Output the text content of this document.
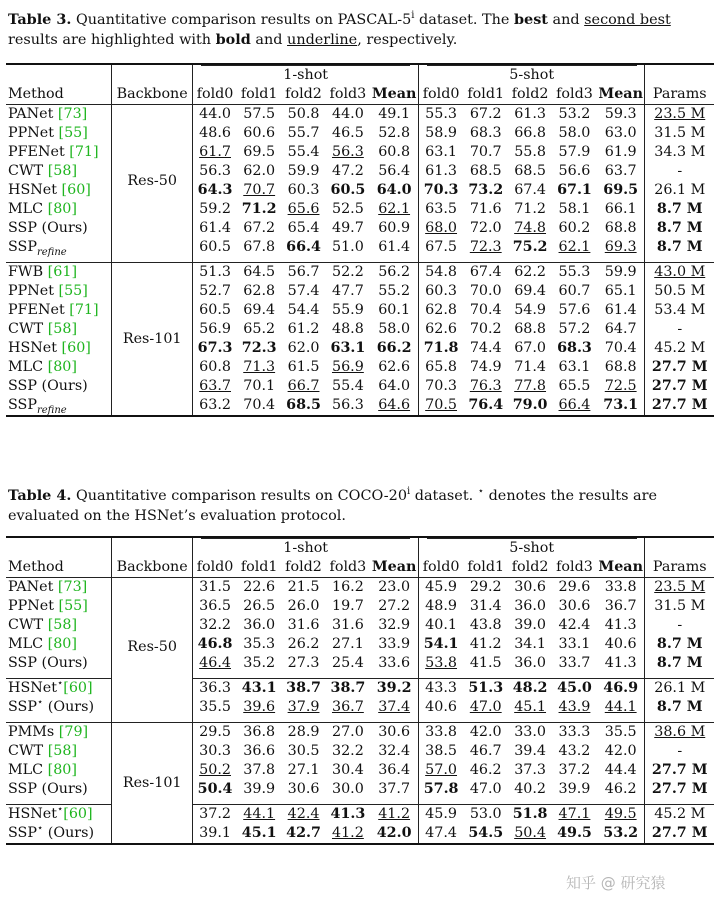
Table 3. Quantitative comparison results on PASCAL-5$^i$ dataset. The best and second best results are highlighted with bold and underline, respectively.
		1-shot					5-shot					
Method	Backbone	fold0	fold1	fold2	fold3	Mean	fold0	fold1	fold2	fold3	Mean	Params
PANet [73]	Res-50	44.0	57.5	50.8	44.0	49.1	55.3	67.2	61.3	53.2	59.3	23.5 M
PPNet [55]		48.6	60.6	55.7	46.5	52.8	58.9	68.3	66.8	58.0	63.0	31.5 M
PFENet [71]		61.7	69.5	55.4	56.3	60.8	63.1	70.7	55.8	57.9	61.9	34.3 M
CWT [58]		56.3	62.0	59.9	47.2	56.4	61.3	68.5	68.5	56.6	63.7	-
HSNet [60]		64.3	70.7	60.3	60.5	64.0	70.3	73.2	67.4	67.1	69.5	26.1 M
MLC [80]		59.2	71.2	65.6	52.5	62.1	63.5	71.6	71.2	58.1	66.1	8.7 M
SSP (Ours)		61.4	67.2	65.4	49.7	60.9	68.0	72.0	74.8	60.2	68.8	8.7 M
$SSP_{refine}$		60.5	67.8	66.4	51.0	61.4	67.5	72.3	75.2	62.1	69.3	8.7 M

FWB [61]	Res-101	51.3	64.5	56.7	52.2	56.2	54.8	67.4	62.2	55.3	59.9	43.0 M
PPNet [55]		52.7	62.8	57.4	47.7	55.2	60.3	70.0	69.4	60.7	65.1	50.5 M
PFENet [71]		60.5	69.4	54.4	55.9	60.1	62.8	70.4	54.9	57.6	61.4	53.4 M
CWT [58]		56.9	65.2	61.2	48.8	58.0	62.6	70.2	68.8	57.2	64.7	-
HSNet [60]		67.3	72.3	62.0	63.1	66.2	71.8	74.4	67.0	68.3	70.4	45.2 M
MLC [80]		60.8	71.3	61.5	56.9	62.6	65.8	74.9	71.4	63.1	68.8	27.7 M
SSP (Ours)		63.7	70.1	66.7	55.4	64.0	70.3	76.3	77.8	65.5	72.5	27.7 M
$SSP_{refine}$		63.2	70.4	68.5	56.3	64.6	70.5	76.4	79.0	66.4	73.1	27.7 M
Table 4. Quantitative comparison results on COCO-20$^i$ dataset. ⋆ denotes the results are evaluated on the HSNet’s evaluation protocol.
		1-shot					5-shot					
Method	Backbone	fold0	fold1	fold2	fold3	Mean	fold0	fold1	fold2	fold3	Mean	Params
PANet [73]	Res-50	31.5	22.6	21.5	16.2	23.0	45.9	29.2	30.6	29.6	33.8	23.5 M
PPNet [55]		36.5	26.5	26.0	19.7	27.2	48.9	31.4	36.0	30.6	36.7	31.5 M
CWT [58]		32.2	36.0	31.6	31.6	32.9	40.1	43.8	39.0	42.4	41.3	-
MLC [80]		46.8	35.3	26.2	27.1	33.9	54.1	41.2	34.1	33.1	40.6	8.7 M
SSP (Ours)		46.4	35.2	27.3	25.4	33.6	53.8	41.5	36.0	33.7	41.3	8.7 M

HSNet⋆[60]		36.3	43.1	38.7	38.7	39.2	43.3	51.3	48.2	45.0	46.9	26.1 M
SSP⋆ (Ours)		35.5	39.6	37.9	36.7	37.4	40.6	47.0	45.1	43.9	44.1	8.7 M

PMMs [79]	Res-101	29.5	36.8	28.9	27.0	30.6	33.8	42.0	33.0	33.3	35.5	38.6 M
CWT [58]		30.3	36.6	30.5	32.2	32.4	38.5	46.7	39.4	43.2	42.0	-
MLC [80]		50.2	37.8	27.1	30.4	36.4	57.0	46.2	37.3	37.2	44.4	27.7 M
SSP (Ours)		50.4	39.9	30.6	30.0	37.7	57.8	47.0	40.2	39.9	46.2	27.7 M

HSNet⋆[60]		37.2	44.1	42.4	41.3	41.2	45.9	53.0	51.8	47.1	49.5	45.2 M
SSP⋆ (Ours)		39.1	45.1	42.7	41.2	42.0	47.4	54.5	50.4	49.5	53.2	27.7 M
知乎 @ 研究猿
